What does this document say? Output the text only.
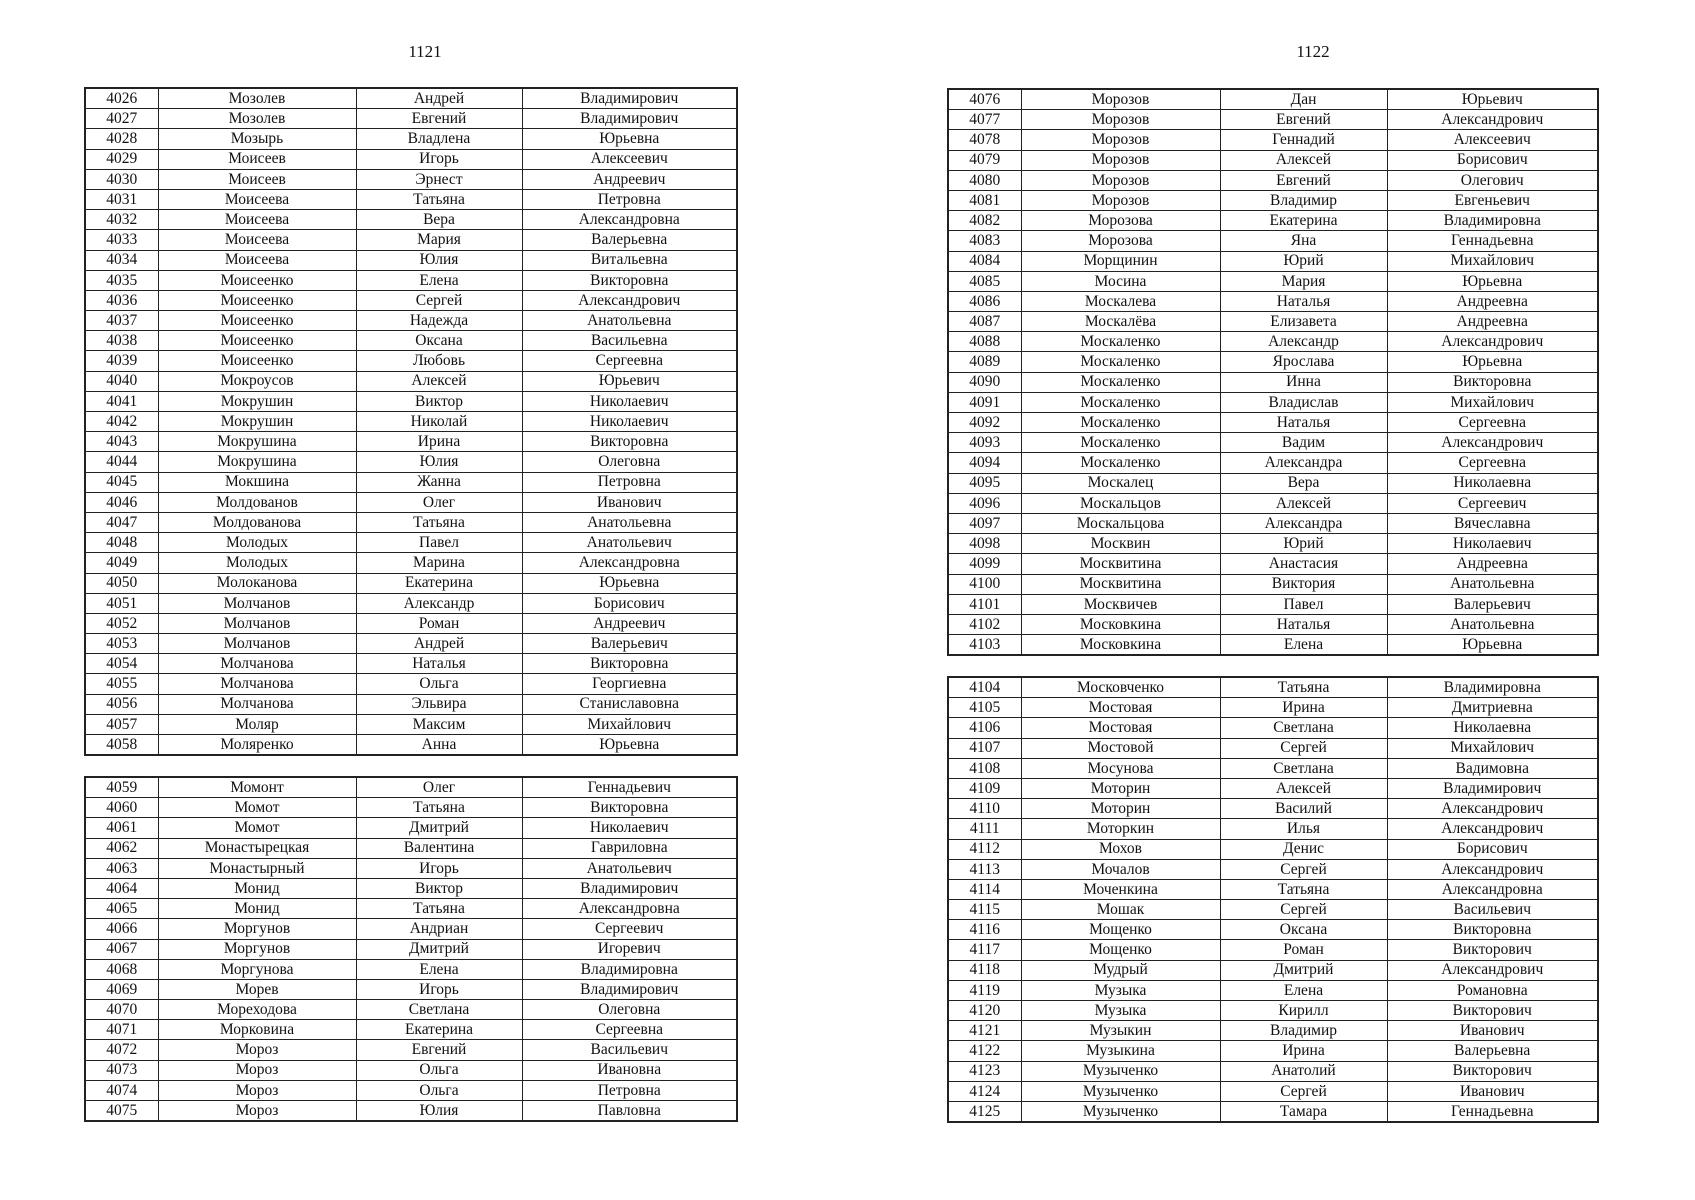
1121	1122
4026	Мозолев	Андрей	Владимирович
4027	Мозолев	Евгений	Владимирович
4028	Мозырь	Владлена	Юрьевна
4029	Моисеев	Игорь	Алексеевич
4030	Моисеев	Эрнест	Андреевич
4031	Моисеева	Татьяна	Петровна
4032	Моисеева	Вера	Александровна
4033	Моисеева	Мария	Валерьевна
4034	Моисеева	Юлия	Витальевна
4035	Моисеенко	Елена	Викторовна
4036	Моисеенко	Сергей	Александрович
4037	Моисеенко	Надежда	Анатольевна
4038	Моисеенко	Оксана	Васильевна
4039	Моисеенко	Любовь	Сергеевна
4040	Мокроусов	Алексей	Юрьевич
4041	Мокрушин	Виктор	Николаевич
4042	Мокрушин	Николай	Николаевич
4043	Мокрушина	Ирина	Викторовна
4044	Мокрушина	Юлия	Олеговна
4045	Мокшина	Жанна	Петровна
4046	Молдованов	Олег	Иванович
4047	Молдованова	Татьяна	Анатольевна
4048	Молодых	Павел	Анатольевич
4049	Молодых	Марина	Александровна
4050	Молоканова	Екатерина	Юрьевна
4051	Молчанов	Александр	Борисович
4052	Молчанов	Роман	Андреевич
4053	Молчанов	Андрей	Валерьевич
4054	Молчанова	Наталья	Викторовна
4055	Молчанова	Ольга	Георгиевна
4056	Молчанова	Эльвира	Станиславовна
4057	Моляр	Максим	Михайлович
4058	Моляренко	Анна	Юрьевна
4059	Момонт	Олег	Геннадьевич
4060	Момот	Татьяна	Викторовна
4061	Момот	Дмитрий	Николаевич
4062	Монастырецкая	Валентина	Гавриловна
4063	Монастырный	Игорь	Анатольевич
4064	Монид	Виктор	Владимирович
4065	Монид	Татьяна	Александровна
4066	Моргунов	Андриан	Сергеевич
4067	Моргунов	Дмитрий	Игоревич
4068	Моргунова	Елена	Владимировна
4069	Морев	Игорь	Владимирович
4070	Мореходова	Светлана	Олеговна
4071	Морковина	Екатерина	Сергеевна
4072	Мороз	Евгений	Васильевич
4073	Мороз	Ольга	Ивановна
4074	Мороз	Ольга	Петровна
4075	Мороз	Юлия	Павловна
4076	Морозов	Дан	Юрьевич
4077	Морозов	Евгений	Александрович
4078	Морозов	Геннадий	Алексеевич
4079	Морозов	Алексей	Борисович
4080	Морозов	Евгений	Олегович
4081	Морозов	Владимир	Евгеньевич
4082	Морозова	Екатерина	Владимировна
4083	Морозова	Яна	Геннадьевна
4084	Морщинин	Юрий	Михайлович
4085	Мосина	Мария	Юрьевна
4086	Москалева	Наталья	Андреевна
4087	Москалёва	Елизавета	Андреевна
4088	Москаленко	Александр	Александрович
4089	Москаленко	Ярослава	Юрьевна
4090	Москаленко	Инна	Викторовна
4091	Москаленко	Владислав	Михайлович
4092	Москаленко	Наталья	Сергеевна
4093	Москаленко	Вадим	Александрович
4094	Москаленко	Александра	Сергеевна
4095	Москалец	Вера	Николаевна
4096	Москальцов	Алексей	Сергеевич
4097	Москальцова	Александра	Вячеславна
4098	Москвин	Юрий	Николаевич
4099	Москвитина	Анастасия	Андреевна
4100	Москвитина	Виктория	Анатольевна
4101	Москвичев	Павел	Валерьевич
4102	Московкина	Наталья	Анатольевна
4103	Московкина	Елена	Юрьевна
4104	Московченко	Татьяна	Владимировна
4105	Мостовая	Ирина	Дмитриевна
4106	Мостовая	Светлана	Николаевна
4107	Мостовой	Сергей	Михайлович
4108	Мосунова	Светлана	Вадимовна
4109	Моторин	Алексей	Владимирович
4110	Моторин	Василий	Александрович
4111	Моторкин	Илья	Александрович
4112	Мохов	Денис	Борисович
4113	Мочалов	Сергей	Александрович
4114	Моченкина	Татьяна	Александровна
4115	Мошак	Сергей	Васильевич
4116	Мощенко	Оксана	Викторовна
4117	Мощенко	Роман	Викторович
4118	Мудрый	Дмитрий	Александрович
4119	Музыка	Елена	Романовна
4120	Музыка	Кирилл	Викторович
4121	Музыкин	Владимир	Иванович
4122	Музыкина	Ирина	Валерьевна
4123	Музыченко	Анатолий	Викторович
4124	Музыченко	Сергей	Иванович
4125	Музыченко	Тамара	Геннадьевна
